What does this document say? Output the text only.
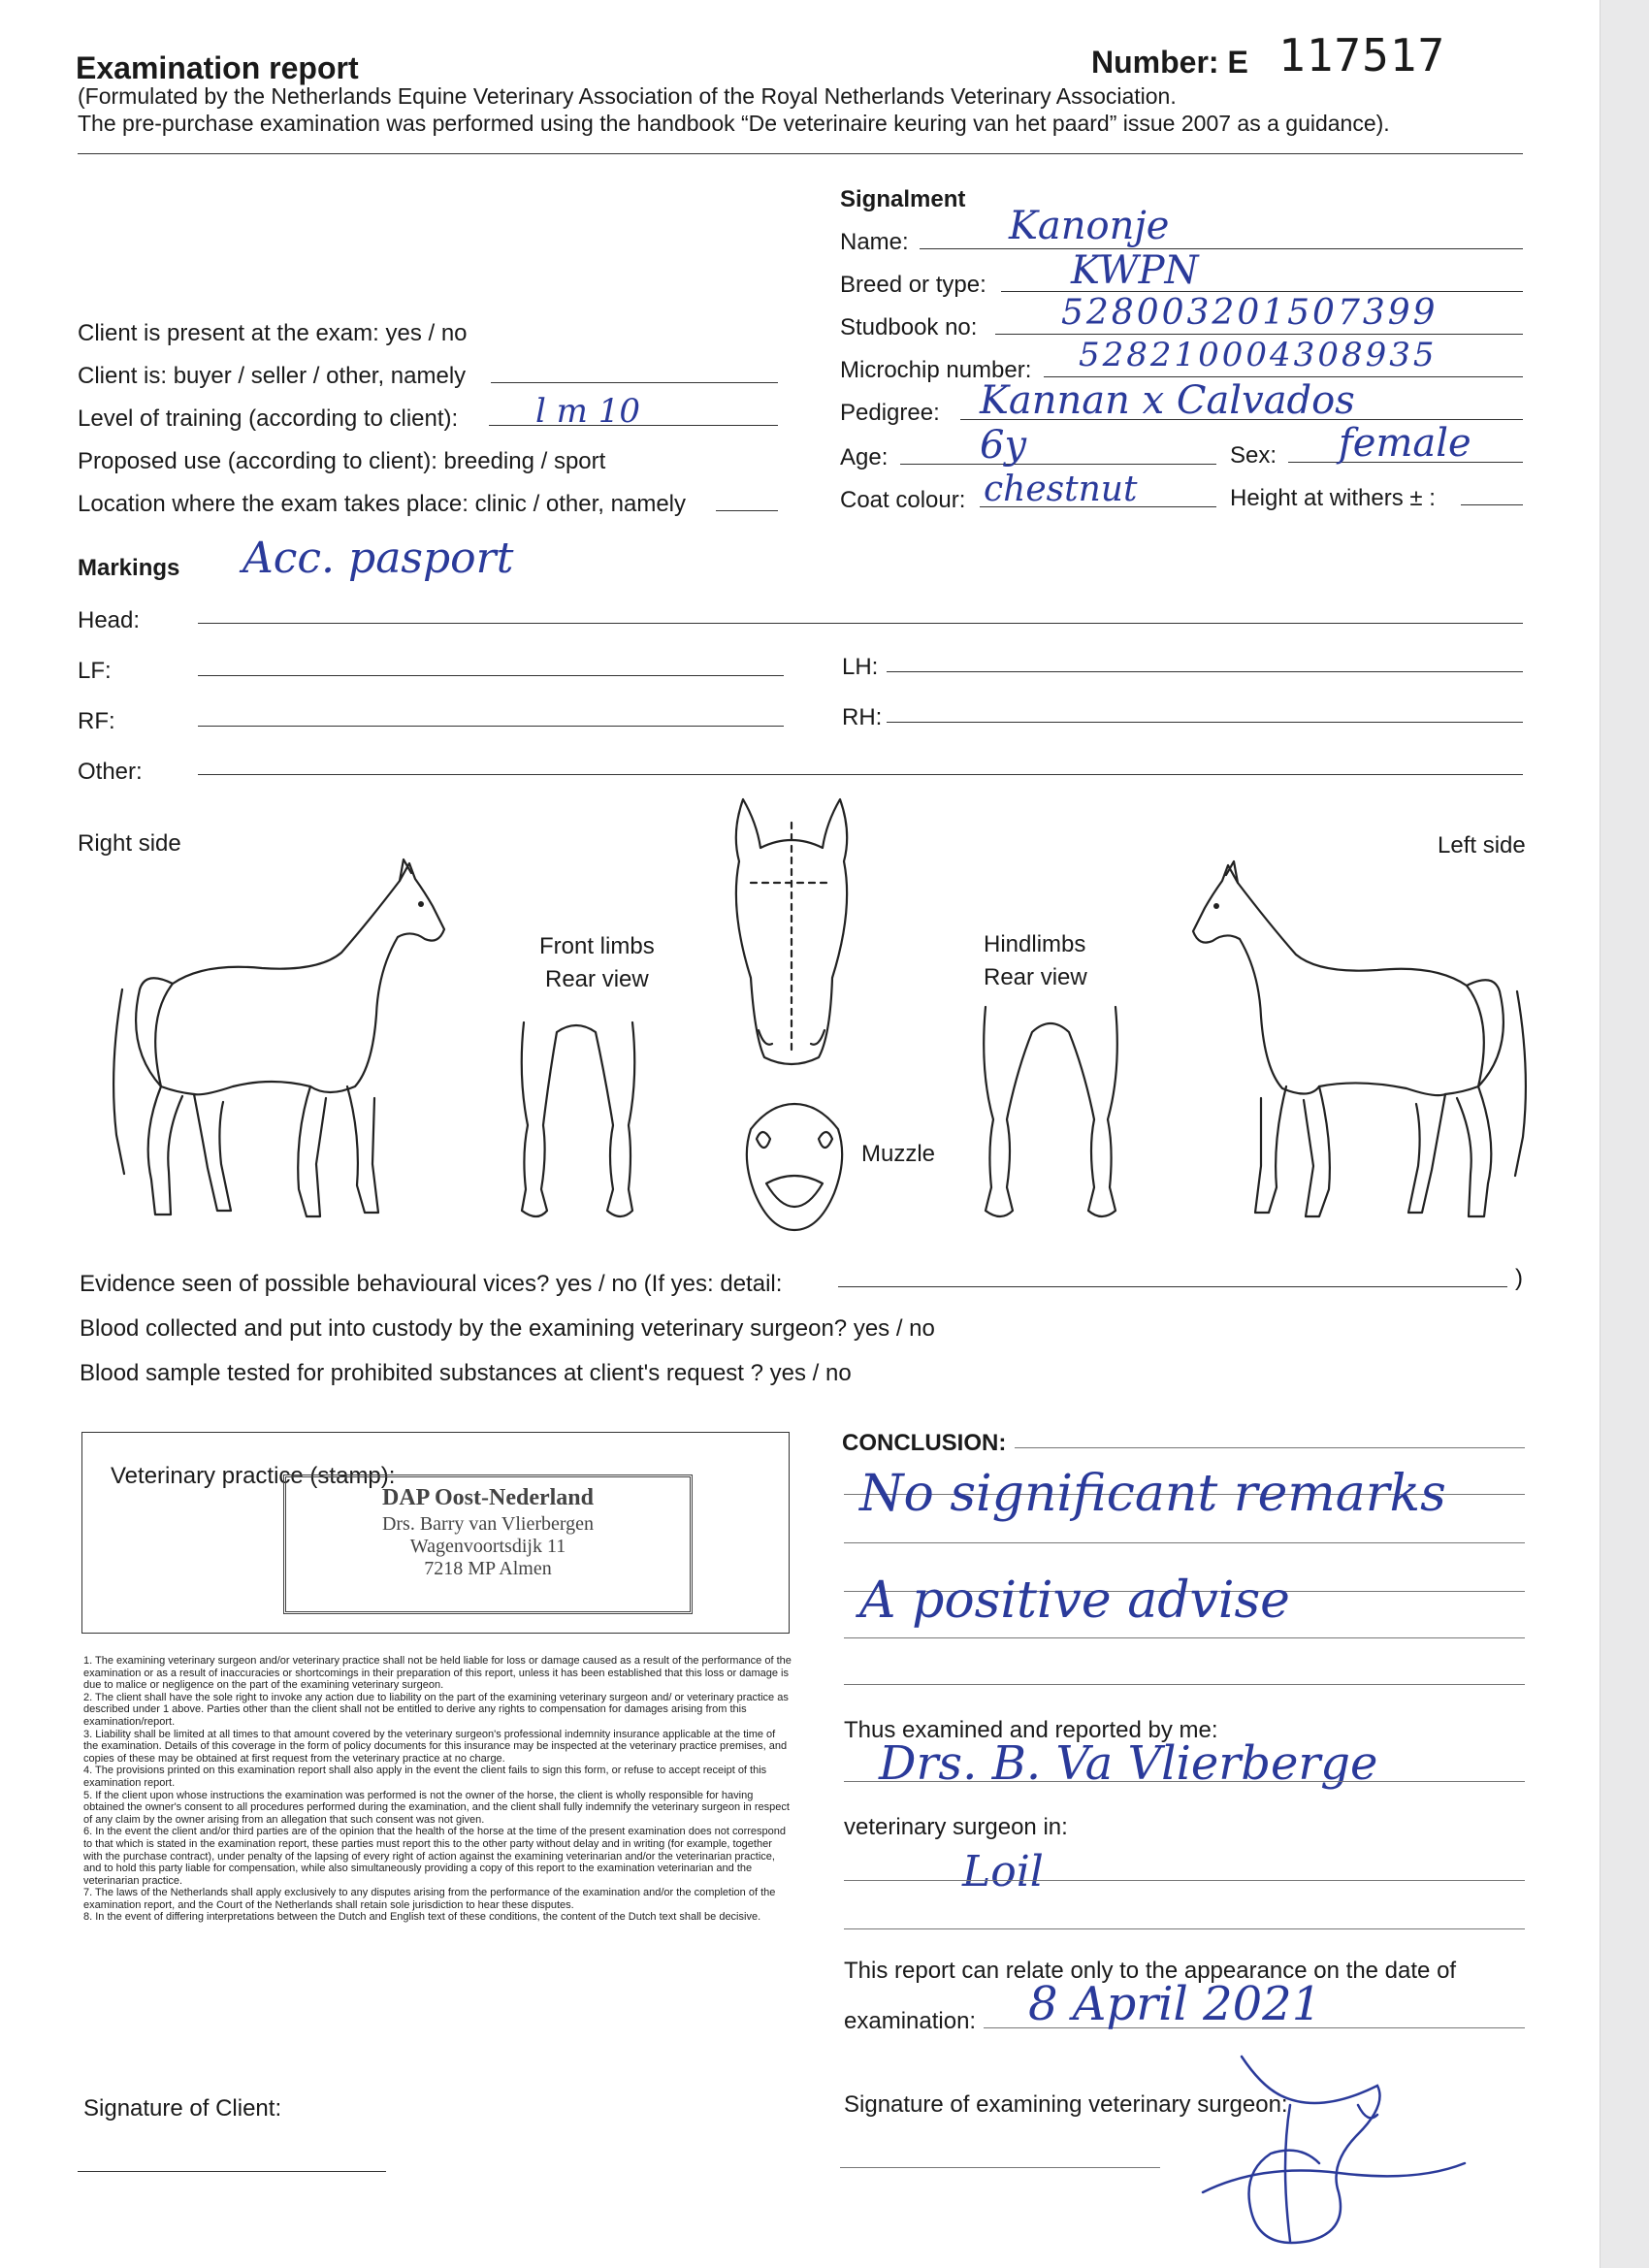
Examination report	Number: E 117517
(Formulated by the Netherlands Equine Veterinary Association of the Royal Netherlands Veterinary Association.
The pre-purchase examination was performed using the handbook “De veterinaire keuring van het paard” issue 2007 as a guidance).
Signalment
Name:	Kanonje
Breed or type: KWPN
Studbook no: 528003201507399
Microchip number: 528210004308935
Pedigree: Kannan x Calvados
Age: 6y	Sex: female
Coat colour: chestnut	Height at withers ± :
Client is present at the exam: yes / no
Client is: buyer / seller / other, namely
Level of training (according to client): l m 10
Proposed use (according to client): breeding / sport
Location where the exam takes place: clinic / other, namely
Markings Acc. pasport
Head:
LF:	LH:
RF:	RH:
Other:
Right side	Left side
Front limbs
Rear view
Hindlimbs
Rear view
Muzzle
Evidence seen of possible behavioural vices? yes / no (If yes: detail:	)
Blood collected and put into custody by the examining veterinary surgeon? yes / no
Blood sample tested for prohibited substances at client's request ? yes / no
Veterinary practice (stamp):
DAP Oost-Nederland
Drs. Barry van Vlierbergen
Wagenvoortsdijk 11
7218 MP Almen

1. The examining veterinary surgeon and/or veterinary practice shall not be held liable for loss or damage caused as a result of the performance of the examination or as a result of inaccuracies or shortcomings in their preparation of this report, unless it has been established that this loss or damage is due to malice or negligence on the part of the examining veterinary surgeon.

2. The client shall have the sole right to invoke any action due to liability on the part of the examining veterinary surgeon and/ or veterinary practice as described under 1 above. Parties other than the client shall not be entitled to derive any rights to compensation for damages arising from this examination/report.

3. Liability shall be limited at all times to that amount covered by the veterinary surgeon's professional indemnity insurance applicable at the time of the examination. Details of this coverage in the form of policy documents for this insurance may be inspected at the veterinary practice premises, and copies of these may be obtained at first request from the veterinary practice at no charge.

4. The provisions printed on this examination report shall also apply in the event the client fails to sign this form, or refuse to accept receipt of this examination report.

5. If the client upon whose instructions the examination was performed is not the owner of the horse, the client is wholly responsible for having obtained the owner's consent to all procedures performed during the examination, and the client shall fully indemnify the veterinary surgeon in respect of any claim by the owner arising from an allegation that such consent was not given.

6. In the event the client and/or third parties are of the opinion that the health of the horse at the time of the present examination does not correspond to that which is stated in the examination report, these parties must report this to the other party without delay and in writing (for example, together with the purchase contract), under penalty of the lapsing of every right of action against the examining veterinarian and/or the veterinarian practice, and to hold this party liable for compensation, while also simultaneously providing a copy of this report to the examination veterinarian and the veterinarian practice.

7. The laws of the Netherlands shall apply exclusively to any disputes arising from the performance of the examination and/or the completion of the examination report, and the Court of the Netherlands shall retain sole jurisdiction to hear these disputes.

8. In the event of differing interpretations between the Dutch and English text of these conditions, the content of the Dutch text shall be decisive.

Signature of Client:
CONCLUSION:
No significant remarks
A positive advise
Thus examined and reported by me:
Drs. B. Va Vlierberge
veterinary surgeon in:
Loil
This report can relate only to the appearance on the date of
examination: 8 April 2021
Signature of examining veterinary surgeon:
